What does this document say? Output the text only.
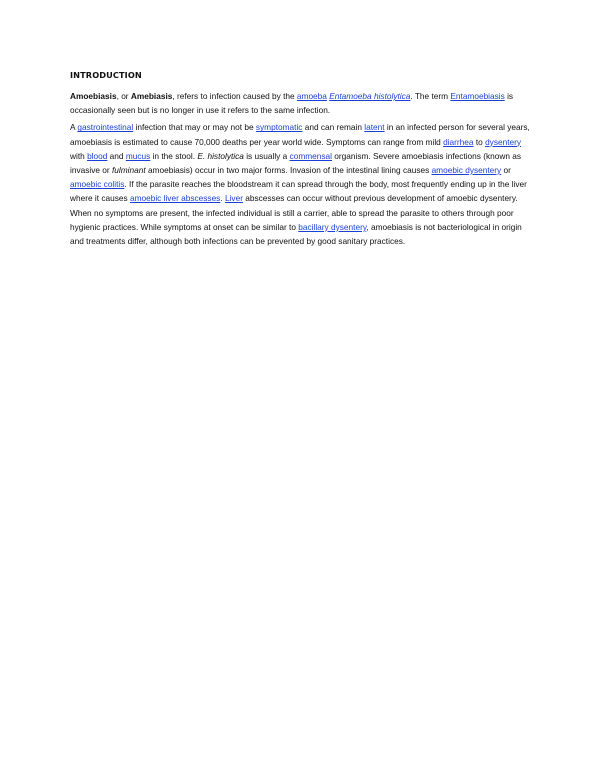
INTRODUCTION

Amoebiasis, or Amebiasis, refers to infection caused by the amoeba Entamoeba histolytica. The term Entamoebiasis is occasionally seen but is no longer in use it refers to the same infection.

A gastrointestinal infection that may or may not be symptomatic and can remain latent in an infected person for several years, amoebiasis is estimated to cause 70,000 deaths per year world wide. Symptoms can range from mild diarrhea to dysentery with blood and mucus in the stool. E. histolytica is usually a commensal organism. Severe amoebiasis infections (known as invasive or fulminant amoebiasis) occur in two major forms. Invasion of the intestinal lining causes amoebic dysentery or amoebic colitis. If the parasite reaches the bloodstream it can spread through the body, most frequently ending up in the liver where it causes amoebic liver abscesses. Liver abscesses can occur without previous development of amoebic dysentery. When no symptoms are present, the infected individual is still a carrier, able to spread the parasite to others through poor hygienic practices. While symptoms at onset can be similar to bacillary dysentery, amoebiasis is not bacteriological in origin and treatments differ, although both infections can be prevented by good sanitary practices.
